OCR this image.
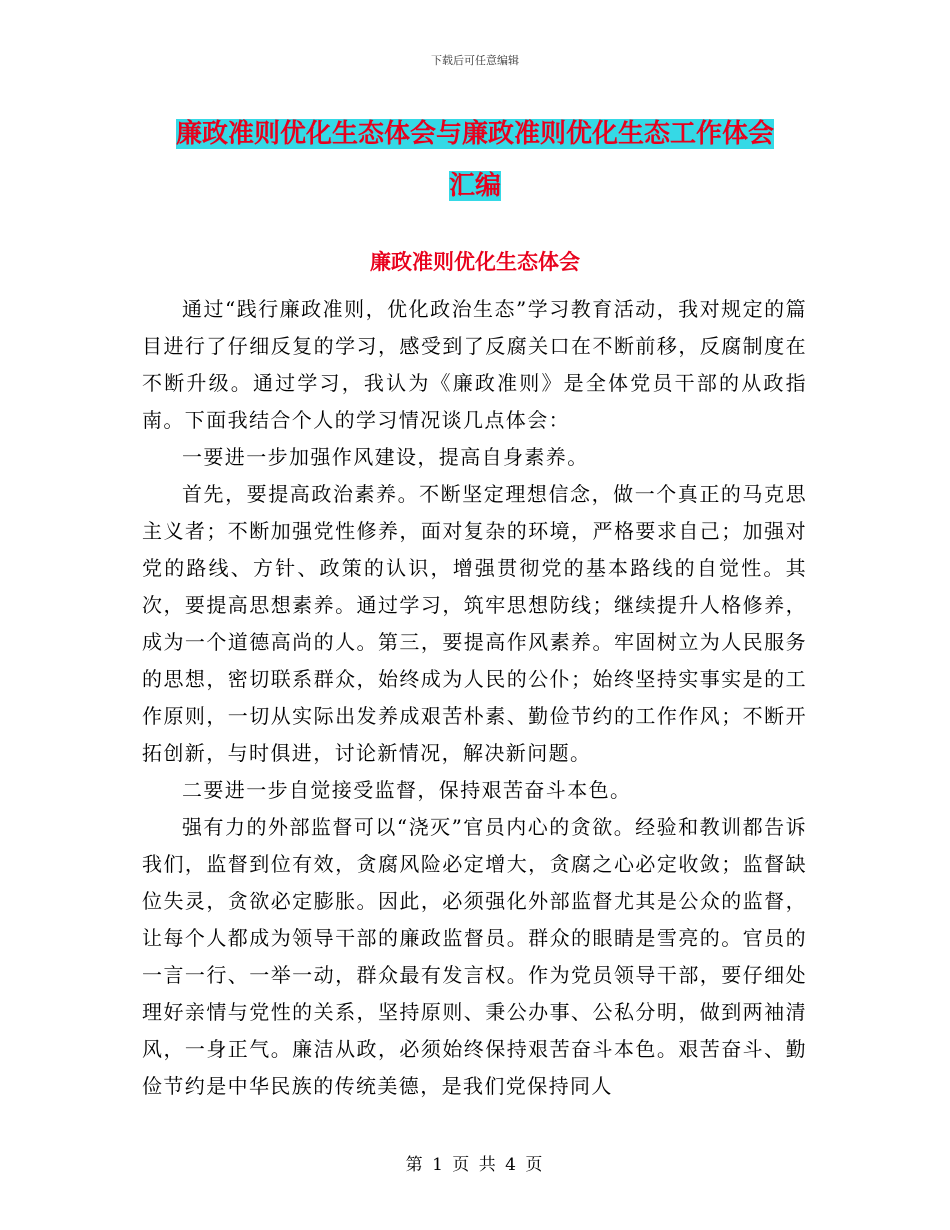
下载后可任意编辑
廉政准则优化生态体会与廉政准则优化生态工作体会
汇编
廉政准则优化生态体会

通过“践行廉政准则，优化政治生态”学习教育活动，我对规定的篇目进行了仔细反复的学习，感受到了反腐关口在不断前移，反腐制度在不断升级。通过学习，我认为《廉政准则》是全体党员干部的从政指南。下面我结合个人的学习情况谈几点体会：

一要进一步加强作风建设，提高自身素养。

首先，要提高政治素养。不断坚定理想信念，做一个真正的马克思主义者；不断加强党性修养，面对复杂的环境，严格要求自己；加强对党的路线、方针、政策的认识，增强贯彻党的基本路线的自觉性。其次，要提高思想素养。通过学习，筑牢思想防线；继续提升人格修养，成为一个道德高尚的人。第三，要提高作风素养。牢固树立为人民服务的思想，密切联系群众，始终成为人民的公仆；始终坚持实事实是的工作原则，一切从实际出发养成艰苦朴素、勤俭节约的工作作风；不断开拓创新，与时俱进，讨论新情况，解决新问题。

二要进一步自觉接受监督，保持艰苦奋斗本色。

强有力的外部监督可以“浇灭”官员内心的贪欲。经验和教训都告诉我们，监督到位有效，贪腐风险必定增大，贪腐之心必定收敛；监督缺位失灵，贪欲必定膨胀。因此，必须强化外部监督尤其是公众的监督，让每个人都成为领导干部的廉政监督员。群众的眼睛是雪亮的。官员的一言一行、一举一动，群众最有发言权。作为党员领导干部，要仔细处理好亲情与党性的关系，坚持原则、秉公办事、公私分明，做到两袖清风，一身正气。廉洁从政，必须始终保持艰苦奋斗本色。艰苦奋斗、勤俭节约是中华民族的传统美德，是我们党保持同人

第 1 页 共 4 页
